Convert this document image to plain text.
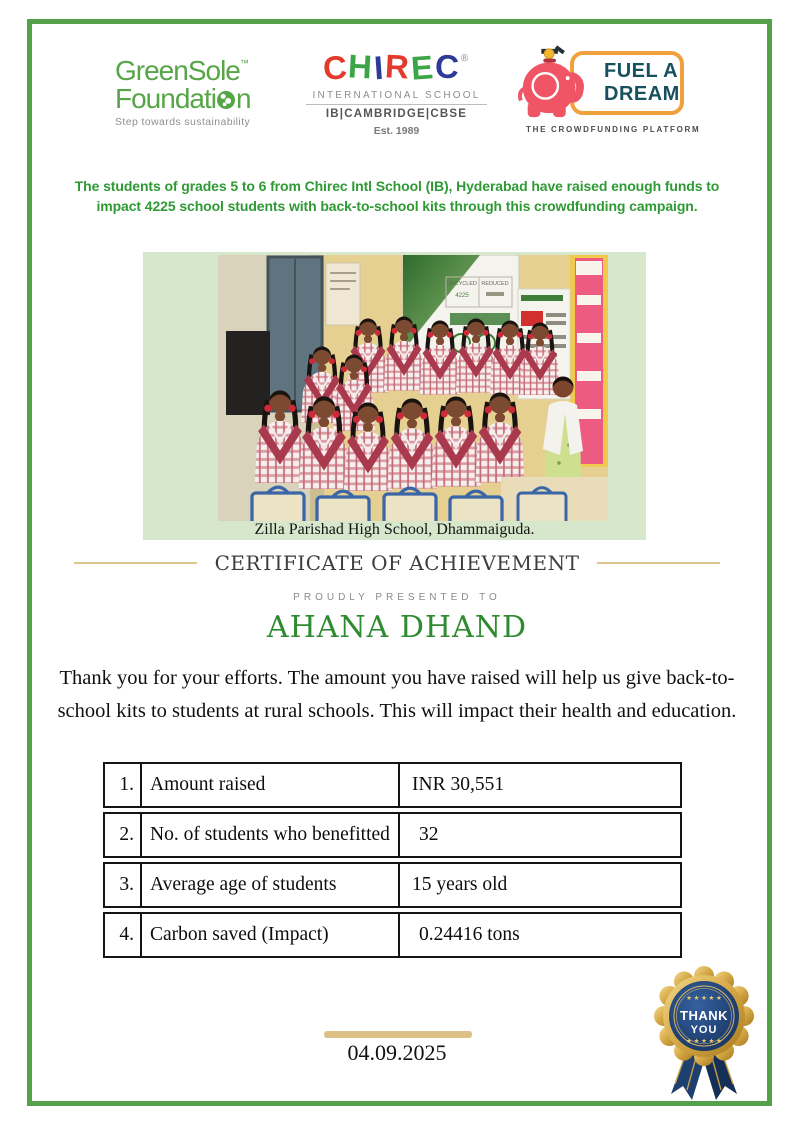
GreenSole™
Foundati n
Step towards sustainability
CHIREC®
INTERNATIONAL SCHOOL
IB|CAMBRIDGE|CBSE
Est. 1989
FUEL A DREAM
THE CROWDFUNDING PLATFORM
The students of grades 5 to 6 from Chirec Intl School (IB), Hyderabad have raised enough funds to
impact 4225 school students with back-to-school kits through this crowdfunding campaign.
UPCYCLED REDUCED
4225
Zilla Parishad High School, Dhammaiguda.
CERTIFICATE OF ACHIEVEMENT
PROUDLY PRESENTED TO
AHANA DHAND
Thank you for your efforts. The amount you have raised will help us give back-to-
school kits to students at rural schools. This will impact their health and education.
1. Amount raised	INR 30,551
2. No. of students who benefitted	32
3. Average age of students	15 years old
4. Carbon saved (Impact)	0.24416 tons
★ ★ ★ ★ ★
THANK
YOU
★ ★ ★ ★ ★
04.09.2025
